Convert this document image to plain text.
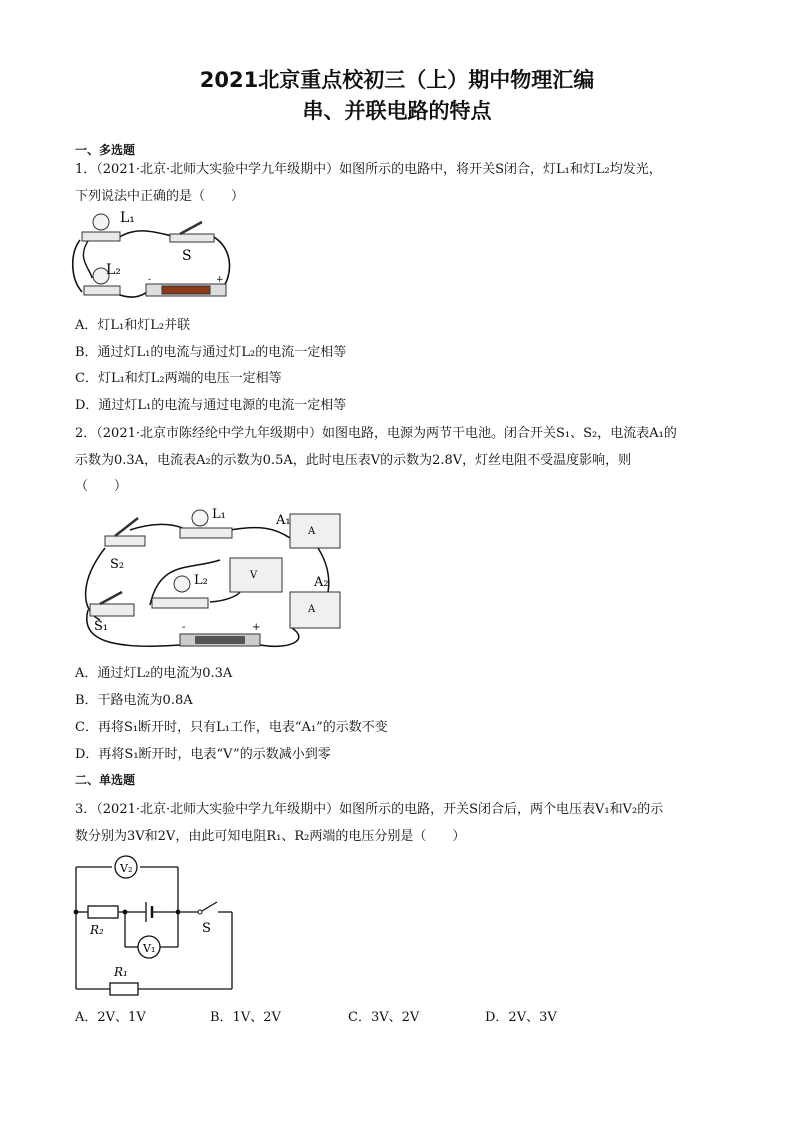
2021北京重点校初三（上）期中物理汇编
串、并联电路的特点
一、多选题
1．（2021·北京·北师大实验中学九年级期中）如图所示的电路中，将开关S闭合，灯L₁和灯L₂均发光，
下列说法中正确的是（　　）
L₁
S
L₂
-	+
A．灯L₁和灯L₂并联
B．通过灯L₁的电流与通过灯L₂的电流一定相等
C．灯L₁和灯L₂两端的电压一定相等
D．通过灯L₁的电流与通过电源的电流一定相等
2．（2021·北京市陈经纶中学九年级期中）如图电路，电源为两节干电池。闭合开关S₁、S₂，电流表A₁的
示数为0.3A，电流表A₂的示数为0.5A，此时电压表V的示数为2.8V，灯丝电阻不受温度影响，则
（　　）
S₂
S₁
L₁
L₂
A
A₁
V
A
A₂
-	+
A．通过灯L₂的电流为0.3A
B．干路电流为0.8A
C．再将S₁断开时，只有L₁工作，电表“A₁”的示数不变
D．再将S₁断开时，电表“V”的示数减小到零
二、单选题
3．（2021·北京·北师大实验中学九年级期中）如图所示的电路，开关S闭合后，两个电压表V₁和V₂的示
数分别为3V和2V，由此可知电阻R₁、R₂两端的电压分别是（　　）
V₁
V₂
R₁
R₂	S
A．2V、1V	B．1V、2V	C．3V、2V	D．2V、3V
